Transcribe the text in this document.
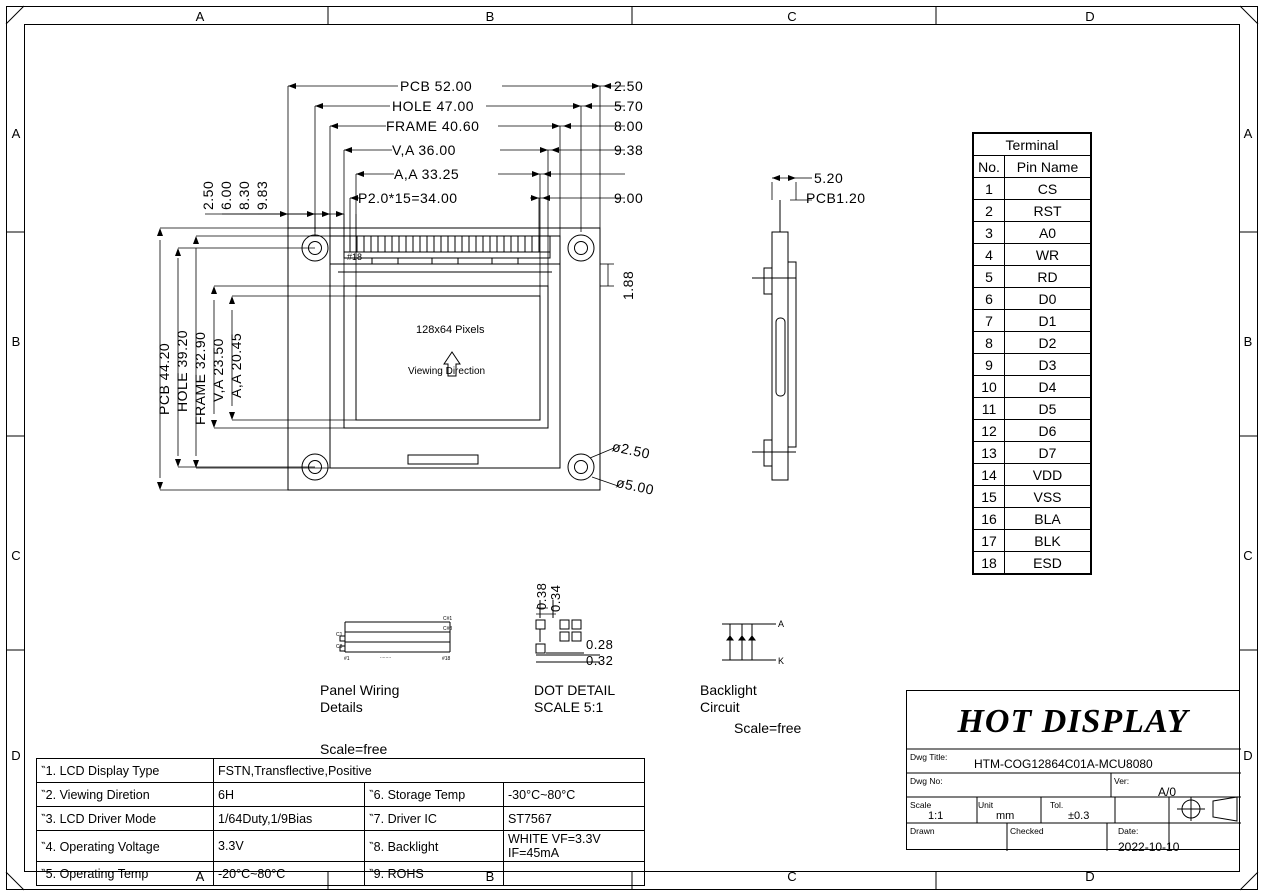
A	B	C	D
A	B	C	D
A
B
C
D
A
B
C
D
PCB 52.00
HOLE 47.00
FRAME 40.60
V,A 36.00
A,A 33.25
P2.0*15=34.00
2.50
5.70
8.00
9.38
9.00
2.50 6.00 8.30 9.83
PCB 44.20 HOLE 39.20 FRAME 32.90 V,A 23.50 A,A 20.45
1.88
ø2.50
ø5.00
#18
128x64 Pixels
Viewing Direction
5.20
PCB1.20
Terminal	
No.	Pin Name
1	CS
2	RST
3	A0
4	WR
5	RD
6	D0
7	D1
8	D2
9	D3
10	D4
11	D5
12	D6
13	D7
14	VDD
15	VSS
16	BLA
17	BLK
18	ESD
C#1
C#8
C1
C8
#1	#18
........
0.38 0.34
0.28
0.32
A
K
Panel Wiring
Details
Scale=free
DOT DETAIL
SCALE 5:1
Backlight
Circuit
Scale=free
‶1. LCD Display Type	FSTN,Transflective,Positive		
‶2. Viewing Diretion	6H	‶6. Storage Temp	-30°C~80°C
‶3. LCD Driver Mode	1/64Duty,1/9Bias	‶7. Driver IC	ST7567
‶4. Operating Voltage	3.3V	‶8. Backlight	WHITE VF=3.3V IF=45mA
‶5. Operating Temp	-20°C~80°C	‶9. ROHS	
HOT DISPLAY
Dwg Title: HTM-COG12864C01A-MCU8080
Dwg No:	Ver:
A/0
Scale
1:1
Unit
mm
Tol.
±0.3
Drawn	Checked	Date:
2022-10-10
